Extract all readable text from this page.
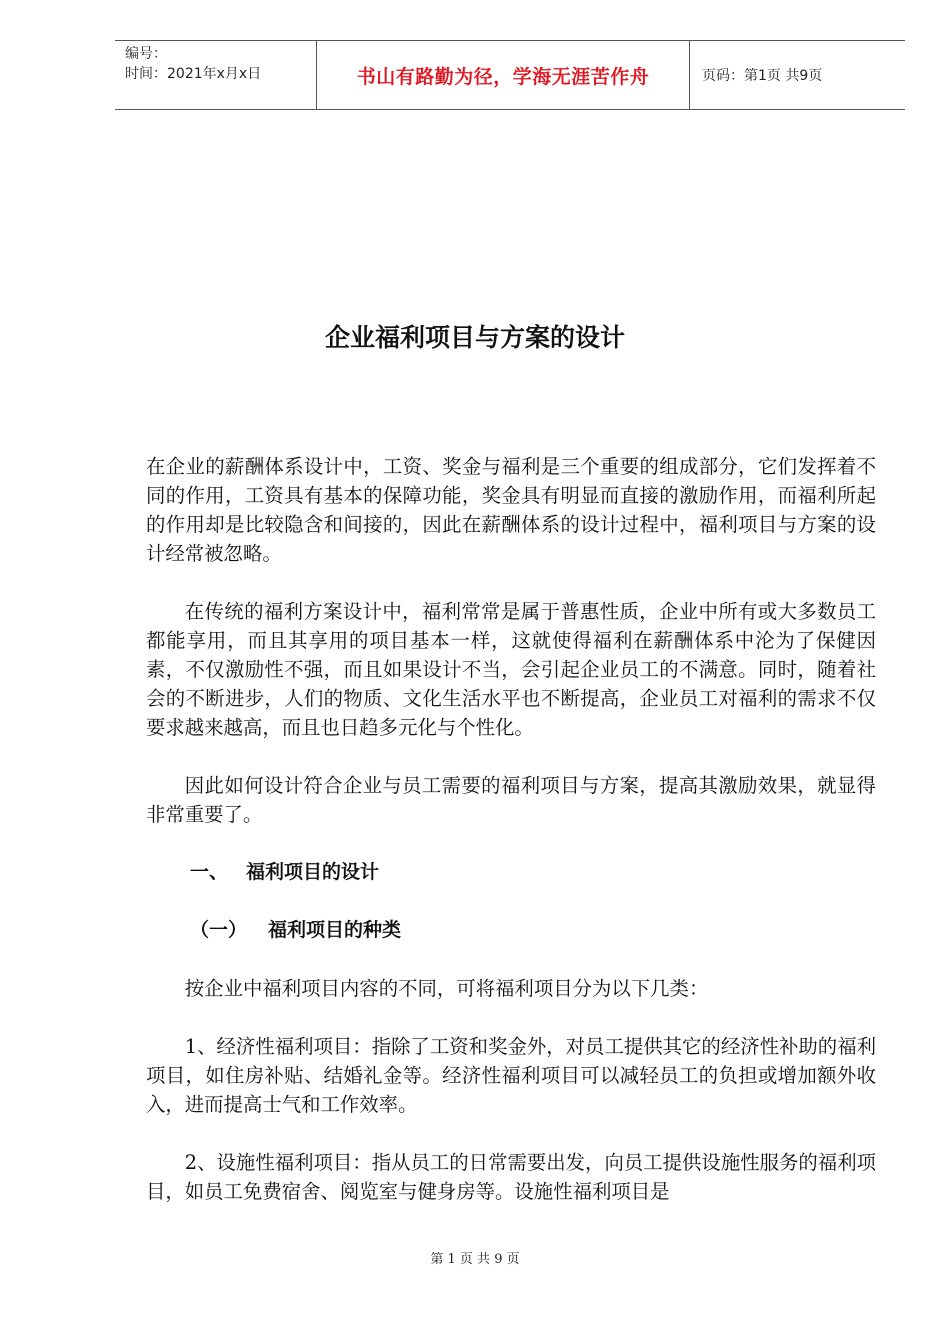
编号：
时间：2021年x月x日	书山有路勤为径，学海无涯苦作舟	页码：第1页 共9页
企业福利项目与方案的设计

在企业的薪酬体系设计中，工资、奖金与福利是三个重要的组成部分，它们发挥着不同的作用，工资具有基本的保障功能，奖金具有明显而直接的激励作用，而福利所起的作用却是比较隐含和间接的，因此在薪酬体系的设计过程中，福利项目与方案的设计经常被忽略。

在传统的福利方案设计中，福利常常是属于普惠性质，企业中所有或大多数员工都能享用，而且其享用的项目基本一样，这就使得福利在薪酬体系中沦为了保健因素，不仅激励性不强，而且如果设计不当，会引起企业员工的不满意。同时，随着社会的不断进步，人们的物质、文化生活水平也不断提高，企业员工对福利的需求不仅要求越来越高，而且也日趋多元化与个性化。

因此如何设计符合企业与员工需要的福利项目与方案，提高其激励效果，就显得非常重要了。

一、 福利项目的设计
（一） 福利项目的种类

按企业中福利项目内容的不同，可将福利项目分为以下几类：

1、经济性福利项目：指除了工资和奖金外，对员工提供其它的经济性补助的福利项目，如住房补贴、结婚礼金等。经济性福利项目可以减轻员工的负担或增加额外收入，进而提高士气和工作效率。

2、设施性福利项目：指从员工的日常需要出发，向员工提供设施性服务的福利项目，如员工免费宿舍、阅览室与健身房等。设施性福利项目是

第 1 页 共 9 页
